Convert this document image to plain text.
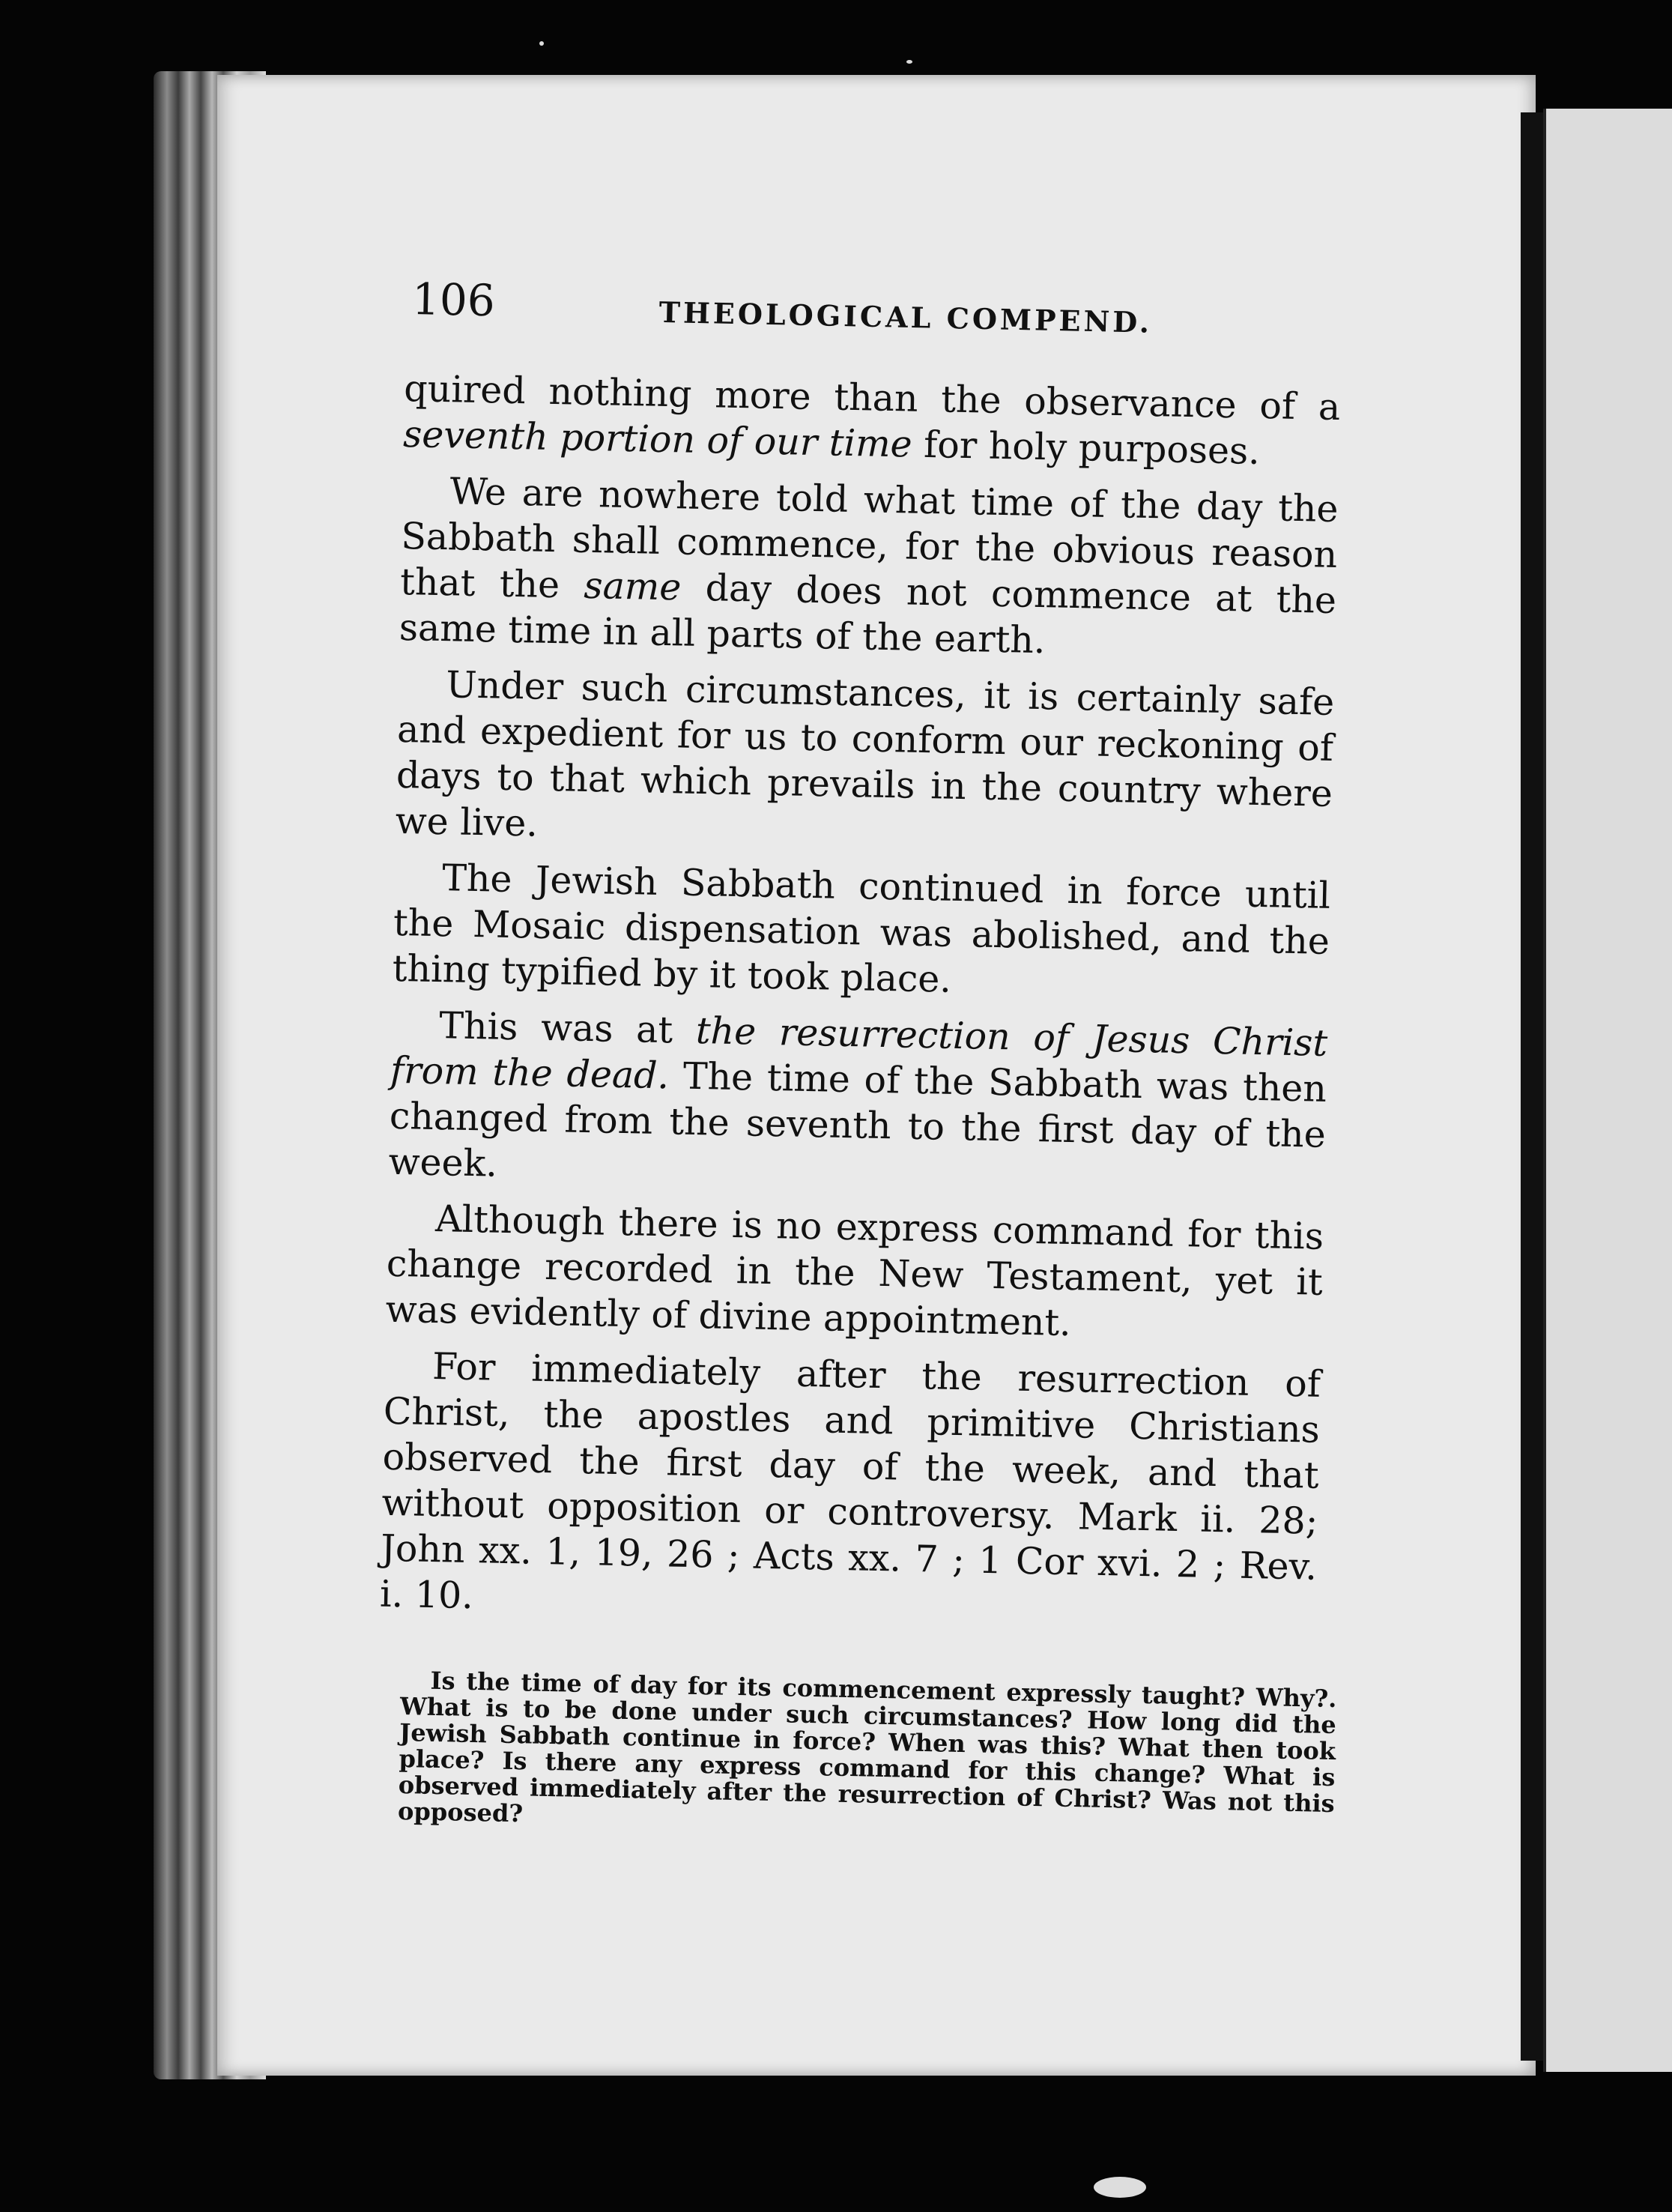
106	THEOLOGICAL COMPEND.

quired nothing more than the observance of a seventh portion of our time for holy purposes.

We are nowhere told what time of the day the Sabbath shall commence, for the obvious reason that the same day does not commence at the same time in all parts of the earth.

Under such circumstances, it is certainly safe and expedient for us to conform our reckoning of days to that which prevails in the country where we live.

The Jewish Sabbath continued in force until the Mosaic dispensation was abolished, and the thing typified by it took place.

This was at the resurrection of Jesus Christ from the dead. The time of the Sabbath was then changed from the seventh to the first day of the week.

Although there is no express command for this change recorded in the New Testament, yet it was evidently of divine appointment.

For immediately after the resurrection of Christ, the apostles and primitive Christians observed the first day of the week, and that without opposition or controversy. Mark ii. 28; John xx. 1, 19, 26 ; Acts xx. 7 ; 1 Cor xvi. 2 ; Rev. i. 10.

Is the time of day for its commencement expressly taught? Why?. What is to be done under such circumstances? How long did the Jewish Sabbath continue in force? When was this? What then took place? Is there any express command for this change? What is observed immediately after the resurrection of Christ? Was not this opposed?
